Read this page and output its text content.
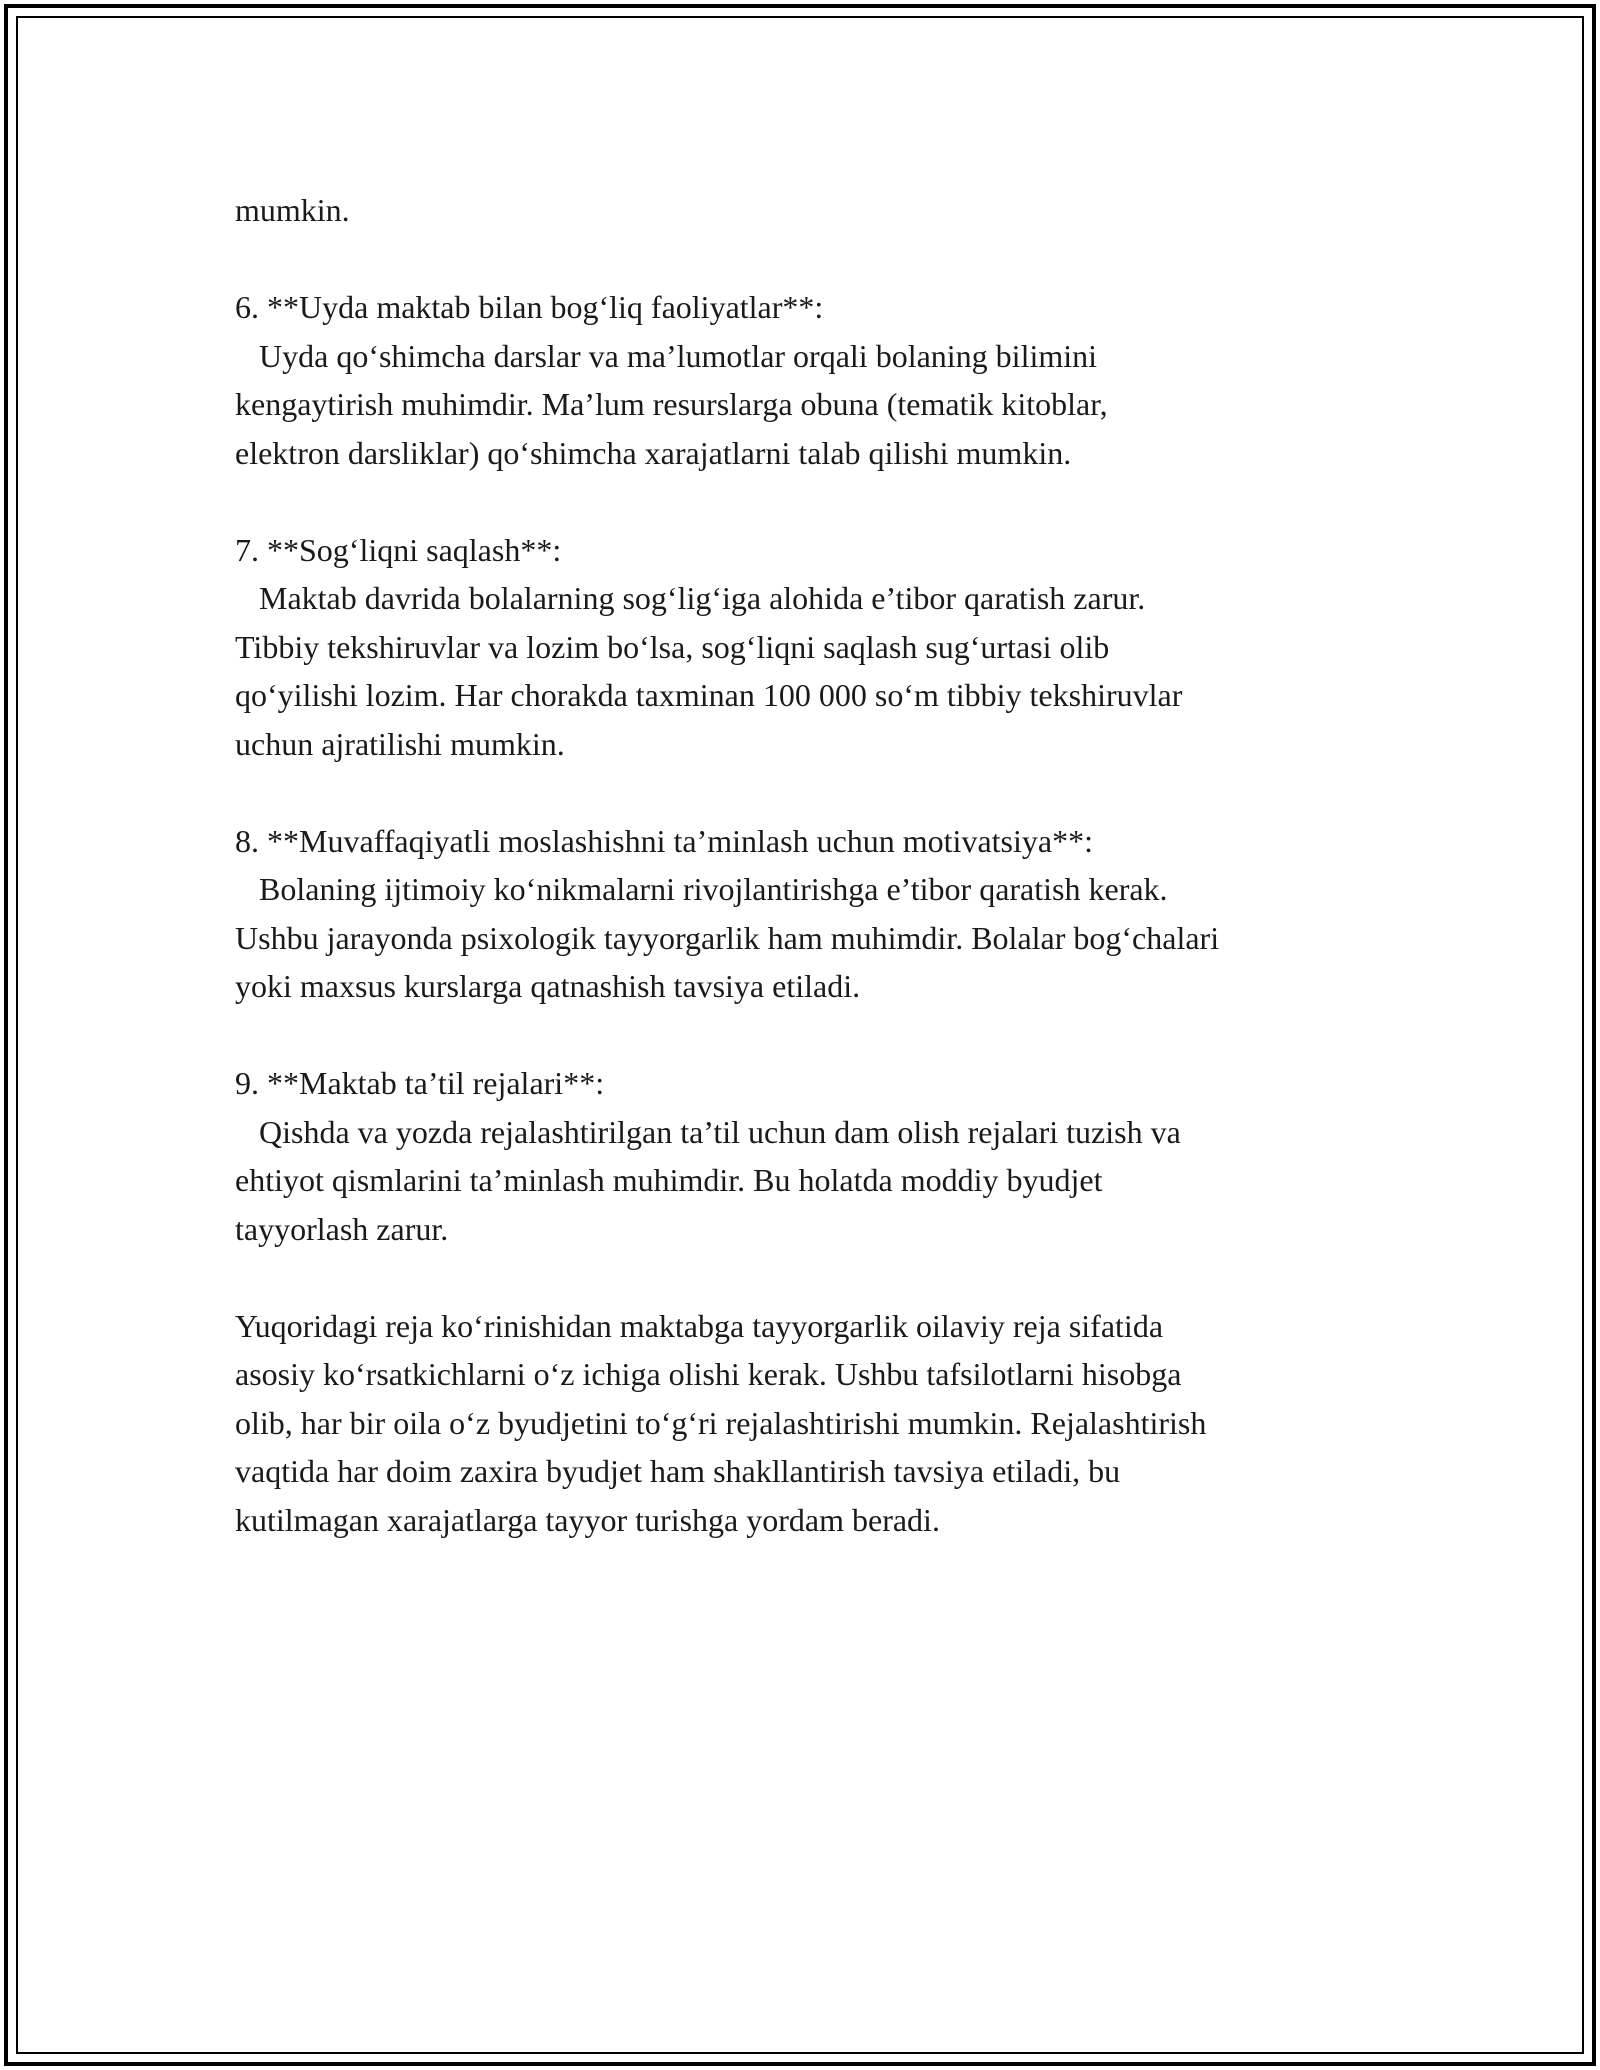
mumkin.

6. **Uyda maktab bilan bog‘liq faoliyatlar**:

Uyda qo‘shimcha darslar va ma’lumotlar orqali bolaning bilimini

kengaytirish muhimdir. Ma’lum resurslarga obuna (tematik kitoblar,

elektron darsliklar) qo‘shimcha xarajatlarni talab qilishi mumkin.

7. **Sog‘liqni saqlash**:

Maktab davrida bolalarning sog‘lig‘iga alohida e’tibor qaratish zarur.

Tibbiy tekshiruvlar va lozim bo‘lsa, sog‘liqni saqlash sug‘urtasi olib

qo‘yilishi lozim. Har chorakda taxminan 100 000 so‘m tibbiy tekshiruvlar

uchun ajratilishi mumkin.

8. **Muvaffaqiyatli moslashishni ta’minlash uchun motivatsiya**:

Bolaning ijtimoiy ko‘nikmalarni rivojlantirishga e’tibor qaratish kerak.

Ushbu jarayonda psixologik tayyorgarlik ham muhimdir. Bolalar bog‘chalari

yoki maxsus kurslarga qatnashish tavsiya etiladi.

9. **Maktab ta’til rejalari**:

Qishda va yozda rejalashtirilgan ta’til uchun dam olish rejalari tuzish va

ehtiyot qismlarini ta’minlash muhimdir. Bu holatda moddiy byudjet

tayyorlash zarur.

Yuqoridagi reja ko‘rinishidan maktabga tayyorgarlik oilaviy reja sifatida

asosiy ko‘rsatkichlarni o‘z ichiga olishi kerak. Ushbu tafsilotlarni hisobga

olib, har bir oila o‘z byudjetini to‘g‘ri rejalashtirishi mumkin. Rejalashtirish

vaqtida har doim zaxira byudjet ham shakllantirish tavsiya etiladi, bu

kutilmagan xarajatlarga tayyor turishga yordam beradi.
